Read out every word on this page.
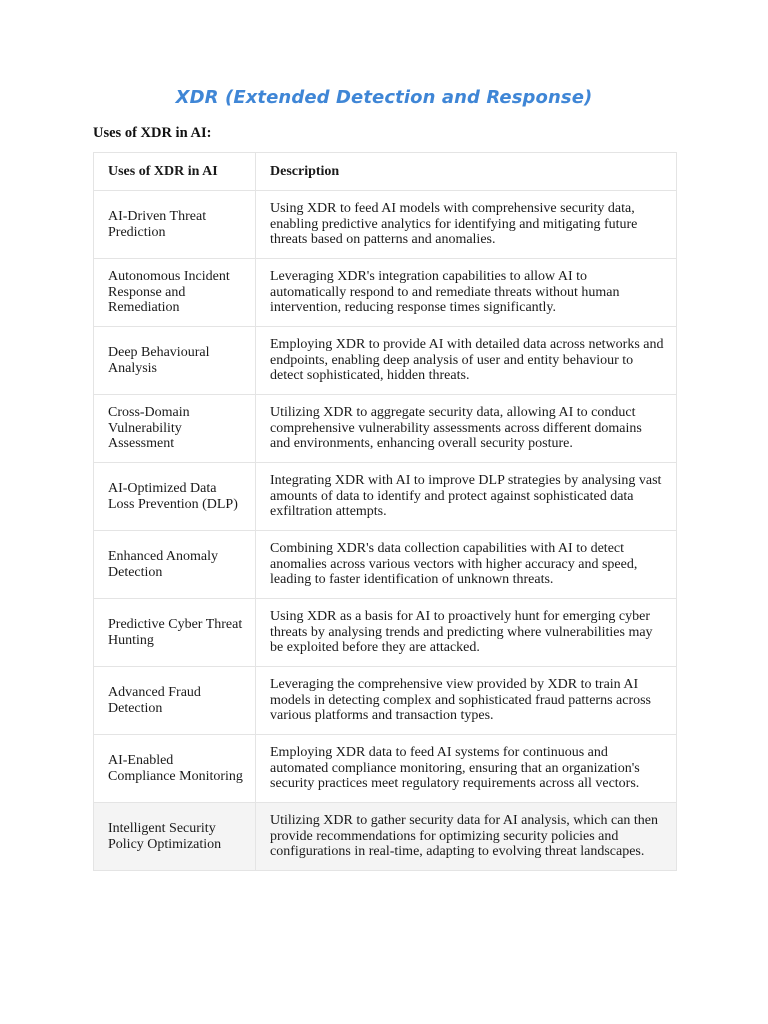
XDR (Extended Detection and Response)
Uses of XDR in AI:
Uses of XDR in AI	Description
AI-Driven Threat Prediction	Using XDR to feed AI models with comprehensive security data, enabling predictive analytics for identifying and mitigating future threats based on patterns and anomalies.
Autonomous Incident Response and Remediation	Leveraging XDR's integration capabilities to allow AI to automatically respond to and remediate threats without human intervention, reducing response times significantly.
Deep Behavioural Analysis	Employing XDR to provide AI with detailed data across networks and endpoints, enabling deep analysis of user and entity behaviour to detect sophisticated, hidden threats.
Cross-Domain Vulnerability Assessment	Utilizing XDR to aggregate security data, allowing AI to conduct comprehensive vulnerability assessments across different domains and environments, enhancing overall security posture.
AI-Optimized Data Loss Prevention (DLP)	Integrating XDR with AI to improve DLP strategies by analysing vast amounts of data to identify and protect against sophisticated data exfiltration attempts.
Enhanced Anomaly Detection	Combining XDR's data collection capabilities with AI to detect anomalies across various vectors with higher accuracy and speed, leading to faster identification of unknown threats.
Predictive Cyber Threat Hunting	Using XDR as a basis for AI to proactively hunt for emerging cyber threats by analysing trends and predicting where vulnerabilities may be exploited before they are attacked.
Advanced Fraud Detection	Leveraging the comprehensive view provided by XDR to train AI models in detecting complex and sophisticated fraud patterns across various platforms and transaction types.
AI-Enabled Compliance Monitoring	Employing XDR data to feed AI systems for continuous and automated compliance monitoring, ensuring that an organization's security practices meet regulatory requirements across all vectors.
Intelligent Security Policy Optimization	Utilizing XDR to gather security data for AI analysis, which can then provide recommendations for optimizing security policies and configurations in real-time, adapting to evolving threat landscapes.
